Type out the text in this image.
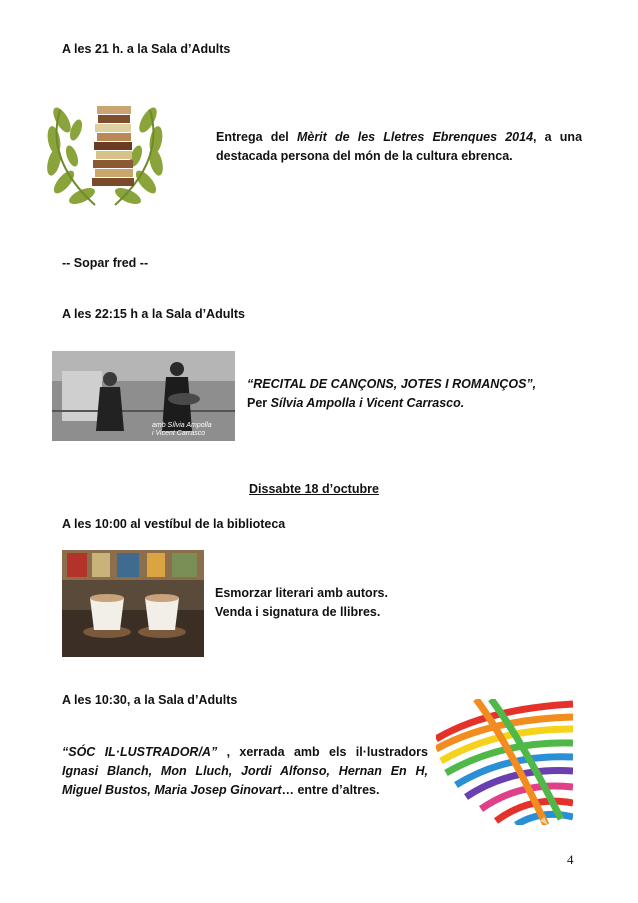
A les 21 h. a la Sala d’Adults
Entrega del Mèrit de les Lletres Ebrenques 2014, a una
destacada persona del món de la cultura ebrenca.
-- Sopar fred --
A les 22:15 h a la Sala d’Adults
amb Sílvia Ampolla
i Vicent Carrasco
“RECITAL DE CANÇONS, JOTES I ROMANÇOS”,
Per Sílvia Ampolla i Vicent Carrasco.
Dissabte 18 d’octubre
A les 10:00 al vestíbul de la biblioteca
Esmorzar literari amb autors.
Venda i signatura de llibres.
A les 10:30, a la Sala d’Adults
“SÓC IL·LUSTRADOR/A” , xerrada amb els il·lustradors
Ignasi Blanch, Mon Lluch, Jordi Alfonso, Hernan En H,
Miguel Bustos, Maria Josep Ginovart… entre d’altres.
4
